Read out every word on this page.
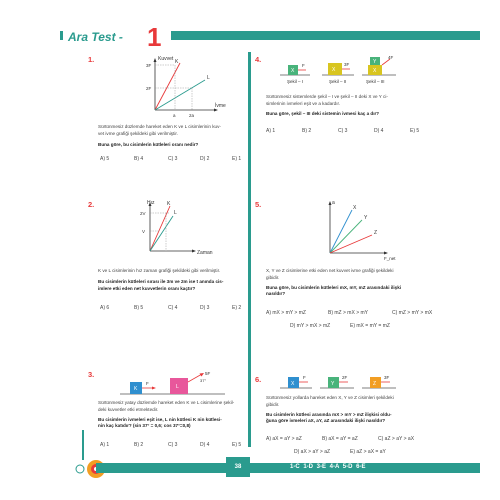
Ara Test - 1
1.	Kuvvet
İvme
3F
2F
a	2a
K
L
Sürtünmesiz düzlemde hareket eden K ve L cisimlerinin kuv-
vet ivme grafiği şekildeki gibi verilmiştir.
Buna göre, bu cisimlerin kütleleri oranı nedir?
A) 5	B) 4	C) 3	D) 2	E) 1
2.	Hız
Zaman
2V
V
K
L
K ve L cisimlerinin hız zaman grafiği şekildeki gibi verilmiştir.
Bu cisimlerin kütleleri sırası ile 3m ve 2m ise t anında cis-
imlere etki eden net kuvvetlerin oranı kaçtır?
A) 6	B) 5	C) 4	D) 3	E) 2
3.
K
F
L
5F
37°
Sürtünmesiz yatay düzlemde hareket eden K ve L cisimlerine şekil-
deki kuvvetler etki etmektedir.
Bu cisimlerin ivmeleri eşit ise, L nin kütlesi K nin kütlesi-
nin kaç katıdır? (sin 37° = 0,6; cos 37°=0,8)
A) 1	B) 2	C) 3	D) 4	E) 5
4.
X
F
Şekil – I
X
3F
Şekil – II
Y
X
4F
Şekil – III
Sürtünmesiz sistemlerde şekil – I ve şekil – II deki X ve Y ci-
simlerinin ivmeleri eşit ve a kadardır.
Buna göre, şekil – III deki sistemin ivmesi kaç a dır?
A) 1	B) 2	C) 3	D) 4	E) 5
5.	a
F_net
X
Y
Z
X, Y ve Z cisimlerine etki eden net kuvvet ivme grafiği şekildeki
gibidir.
Buna göre, bu cisimlerin kütleleri mX, mY, mZ arasındaki ilişki
nasıldır?
A) mX > mY > mZ	B) mZ > mX > mY	C) mZ > mY > mX
D) mY > mX > mZ	E) mX = mY = mZ
6.	X
F
Y
2F
Z
3F
Sürtünmesiz yollarda hareket eden X, Y ve Z cisimleri şekildeki
gibidir.
Bu cisimlerin kütlesi arasında mX > mY > mZ ilişkisi oldu-
ğuna göre ivmeleri aX, aY, aZ arasındaki ilişki nasıldır?
A) aX = aY > aZ	B) aX = aY = aZ	C) aZ > aY > aX
D) aX > aY > aZ	E) aZ > aX = aY
38	1-C 1-D 3-E 4-A 5-D 6-E
